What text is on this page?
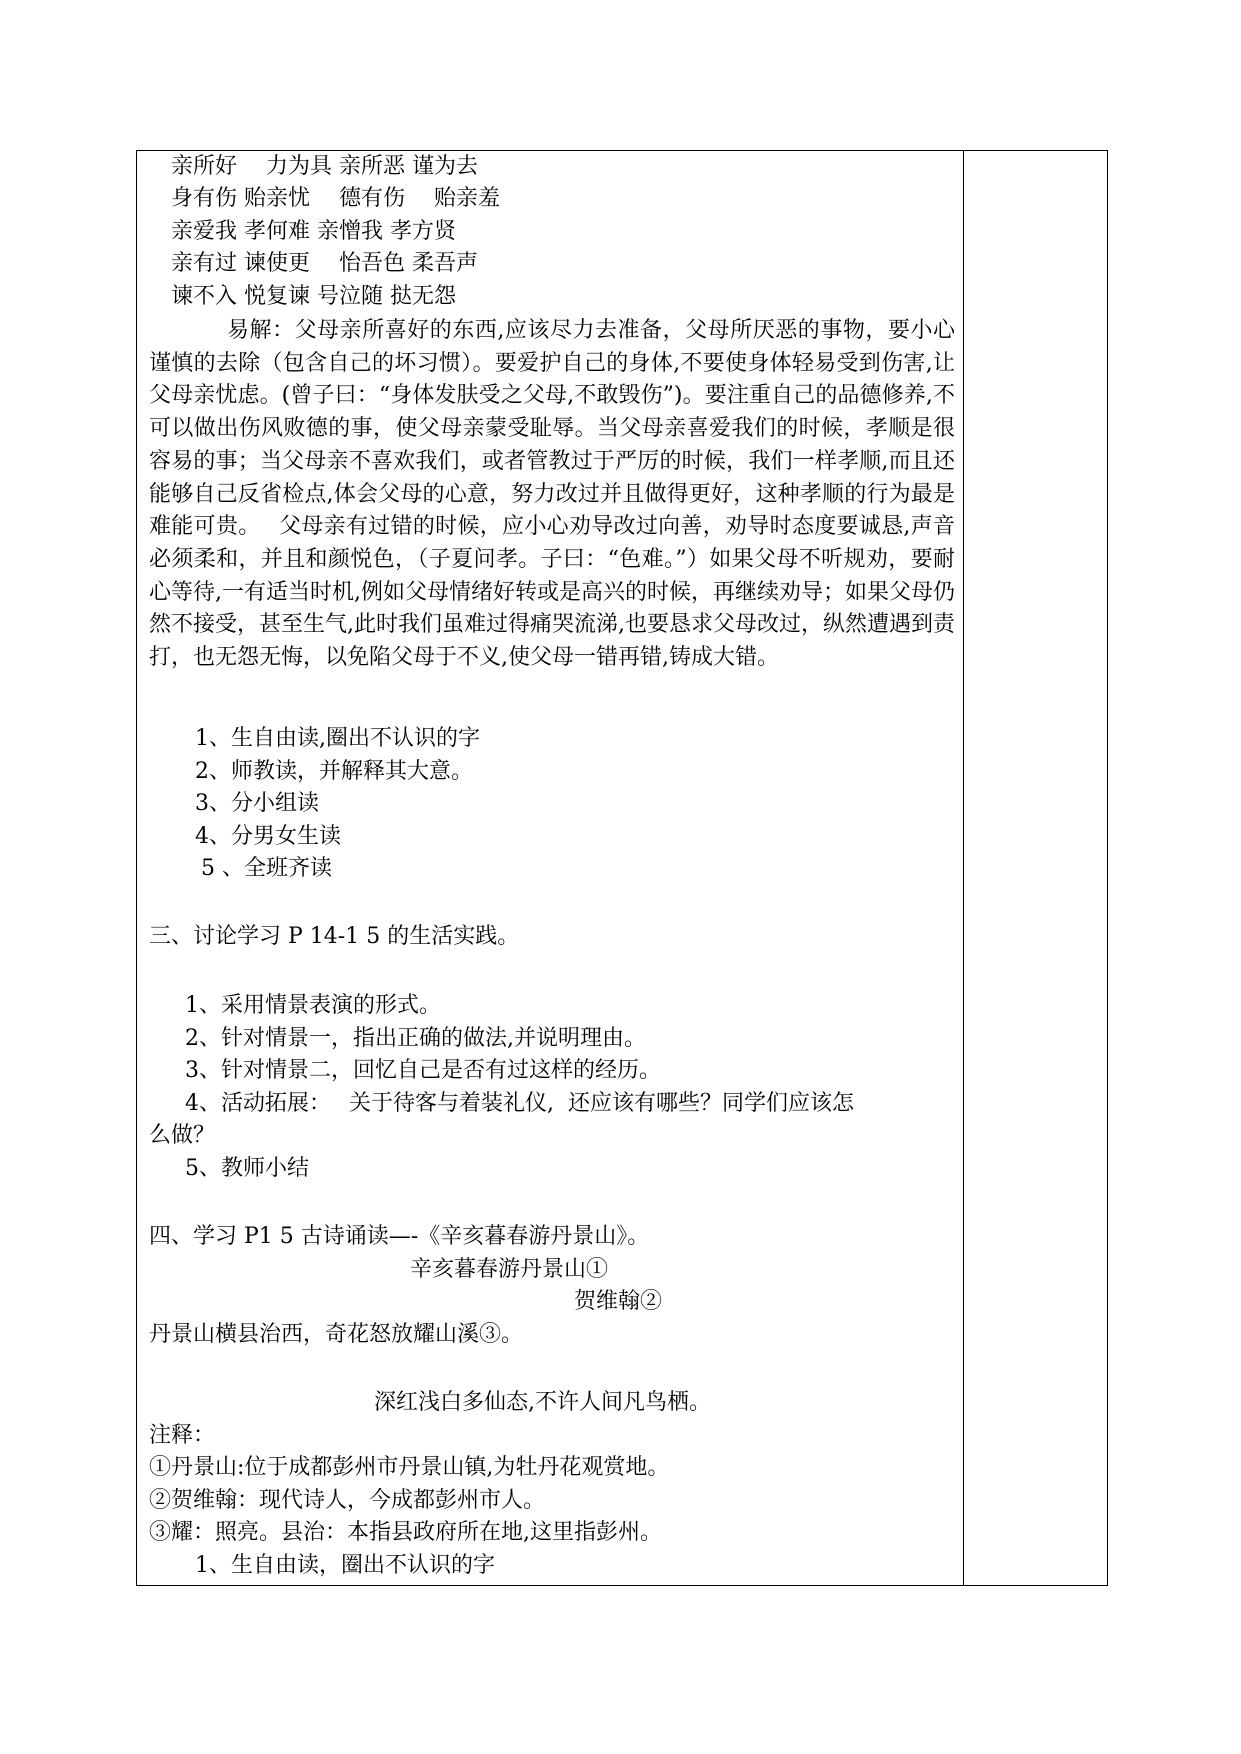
亲所好　 力为具 亲所恶 谨为去
身有伤 贻亲忧 　德有伤 　贻亲羞
亲爱我 孝何难 亲憎我 孝方贤
亲有过 谏使更 　怡吾色 柔吾声
谏不入 悦复谏 号泣随 挞无怨
易解：父母亲所喜好的东西,应该尽力去准备，父母所厌恶的事物，要小心谨慎的去除（包含自己的坏习惯）。要爱护自己的身体,不要使身体轻易受到伤害,让父母亲忧虑。(曾子曰：“身体发肤受之父母,不敢毁伤”)。要注重自己的品德修养,不可以做出伤风败德的事，使父母亲蒙受耻辱。当父母亲喜爱我们的时候，孝顺是很容易的事；当父母亲不喜欢我们，或者管教过于严厉的时候，我们一样孝顺,而且还能够自己反省检点,体会父母的心意，努力改过并且做得更好，这种孝顺的行为最是难能可贵。　 父母亲有过错的时候，应小心劝导改过向善，劝导时态度要诚恳,声音必须柔和，并且和颜悦色，（子夏问孝。子曰：“色难。”）如果父母不听规劝，要耐心等待,一有适当时机,例如父母情绪好转或是高兴的时候，再继续劝导；如果父母仍然不接受，甚至生气,此时我们虽难过得痛哭流涕,也要恳求父母改过，纵然遭遇到责打，也无怨无悔，以免陷父母于不义,使父母一错再错,铸成大错。
1、生自由读,圈出不认识的字
2、师教读，并解释其大意。
3、分小组读
4、分男女生读
5 、全班齐读
三、讨论学习 P 14-1 5 的生活实践。
1、采用情景表演的形式。
2、针对情景一，指出正确的做法,并说明理由。
3、针对情景二，回忆自己是否有过这样的经历。
4、活动拓展：　 关于待客与着装礼仪,  还应该有哪些？同学们应该怎
么做？
5、教师小结
四、学习 P1 5 古诗诵读—-《辛亥暮春游丹景山》。
辛亥暮春游丹景山①
贺维翰②
丹景山横县治西，奇花怒放耀山溪③。
深红浅白多仙态,不许人间凡鸟栖。
注释：
①丹景山:位于成都彭州市丹景山镇,为牡丹花观赏地。
②贺维翰：现代诗人，今成都彭州市人。
③耀：照亮。县治：本指县政府所在地,这里指彭州。
1、生自由读，圈出不认识的字
